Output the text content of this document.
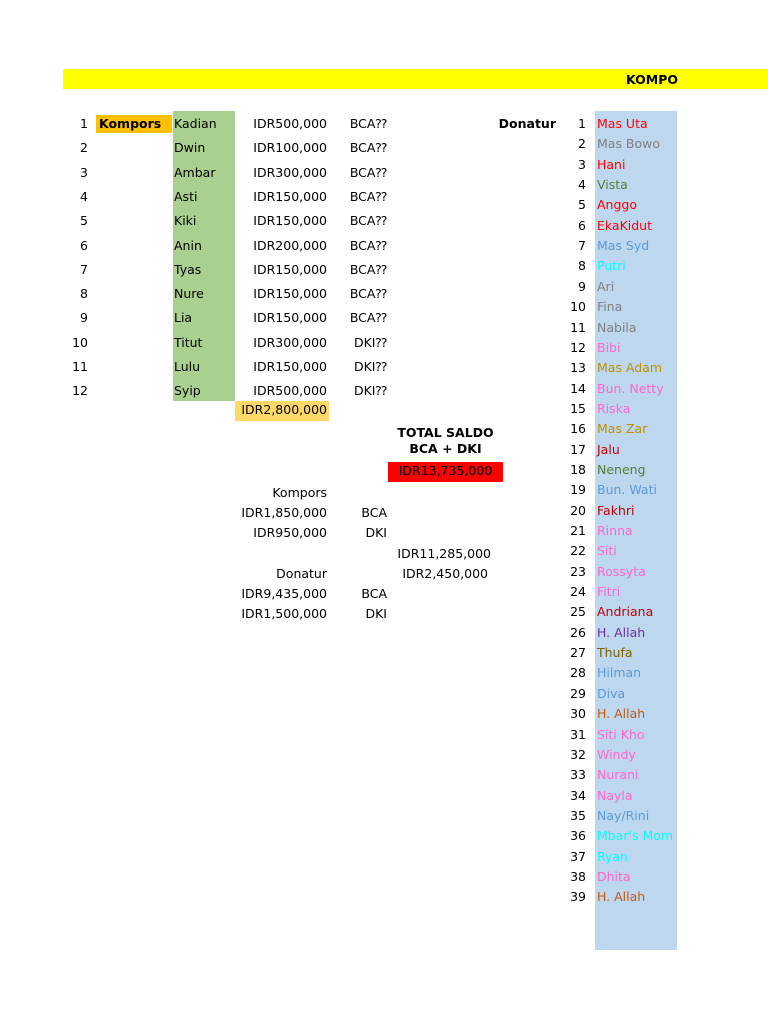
KOMPO
Kompors
1	Kadian	IDR500,000	BCA⁇
2	Dwin	IDR100,000	BCA⁇
3	Ambar	IDR300,000	BCA⁇
4	Asti	IDR150,000	BCA⁇
5	Kiki	IDR150,000	BCA⁇
6	Anin	IDR200,000	BCA⁇
7	Tyas	IDR150,000	BCA⁇
8	Nure	IDR150,000	BCA⁇
9	Lia	IDR150,000	BCA⁇
10	Titut	IDR300,000	DKI⁇
11	Lulu	IDR150,000	DKI⁇
12	Syip	IDR500,000	DKI⁇
IDR2,800,000
TOTAL SALDO
BCA + DKI
IDR13,735,000
Kompors
IDR1,850,000	BCA
IDR950,000	DKI
IDR11,285,000
Donatur	IDR2,450,000
IDR9,435,000	BCA
IDR1,500,000	DKI
Donatur	1 Mas Uta
2 Mas Bowo
3 Hani
4 Vista
5 Anggo
6 EkaKidut
7 Mas Syd
8 Putri
9 Ari
10 Fina
11 Nabila
12 Bibi
13 Mas Adam
14 Bun. Netty
15 Riska
16 Mas Zar
17 Jalu
18 Neneng
19 Bun. Wati
20 Fakhri
21 Rinna
22 Siti
23 Rossyta
24 Fitri
25 Andriana
26 H. Allah
27 Thufa
28 Hilman
29 Diva
30 H. Allah
31 Siti Kho
32 Windy
33 Nurani
34 Nayla
35 Nay/Rini
36 Mbar's Mom
37 Ryan
38 Dhita
39 H. Allah
